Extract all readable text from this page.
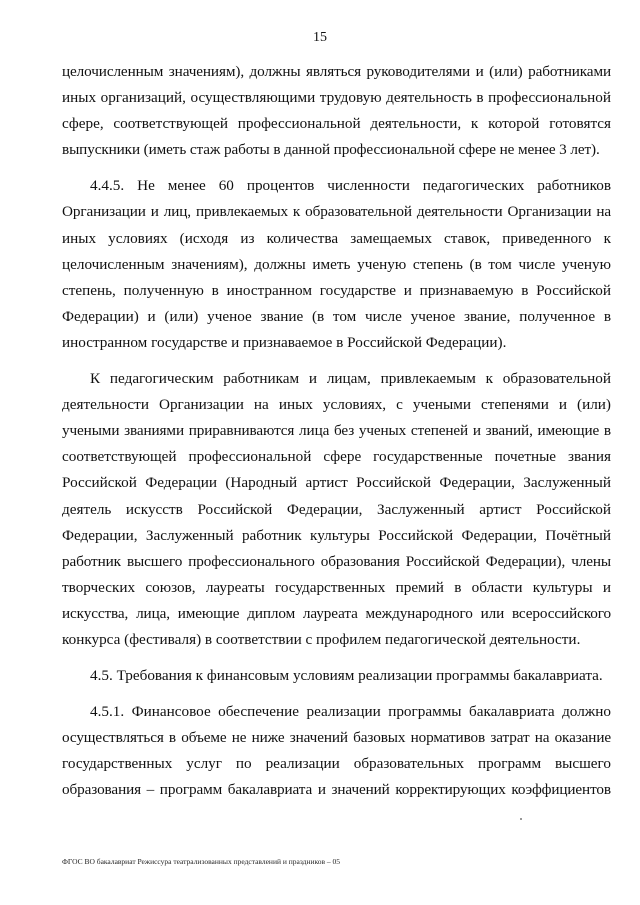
15

целочисленным значениям), должны являться руководителями и (или) работниками

иных организаций, осуществляющими трудовую деятельность в профессиональной

сфере, соответствующей профессиональной деятельности, к которой готовятся

выпускники (иметь стаж работы в данной профессиональной сфере не менее 3 лет).

4.4.5. Не менее 60 процентов численности педагогических работников

Организации и лиц, привлекаемых к образовательной деятельности Организации на

иных условиях (исходя из количества замещаемых ставок, приведенного к

целочисленным значениям), должны иметь ученую степень (в том числе ученую

степень, полученную в иностранном государстве и признаваемую в Российской

Федерации) и (или) ученое звание (в том числе ученое звание, полученное в

иностранном государстве и признаваемое в Российской Федерации).

К педагогическим работникам и лицам, привлекаемым к образовательной

деятельности Организации на иных условиях, с учеными степенями и (или)

учеными званиями приравниваются лица без ученых степеней и званий, имеющие в

соответствующей профессиональной сфере государственные почетные звания

Российской Федерации (Народный артист Российской Федерации, Заслуженный

деятель искусств Российской Федерации, Заслуженный артист Российской

Федерации, Заслуженный работник культуры Российской Федерации, Почётный

работник высшего профессионального образования Российской Федерации), члены

творческих союзов, лауреаты государственных премий в области культуры и

искусства, лица, имеющие диплом лауреата международного или всероссийского

конкурса (фестиваля) в соответствии с профилем педагогической деятельности.

4.5. Требования к финансовым условиям реализации программы бакалавриата.

4.5.1. Финансовое обеспечение реализации программы бакалавриата должно

осуществляться в объеме не ниже значений базовых нормативов затрат на оказание

государственных услуг по реализации образовательных программ высшего

образования – программ бакалавриата и значений корректирующих коэффициентов

ФГОС ВО бакалавриат Режиссура театрализованных представлений и праздников – 05
